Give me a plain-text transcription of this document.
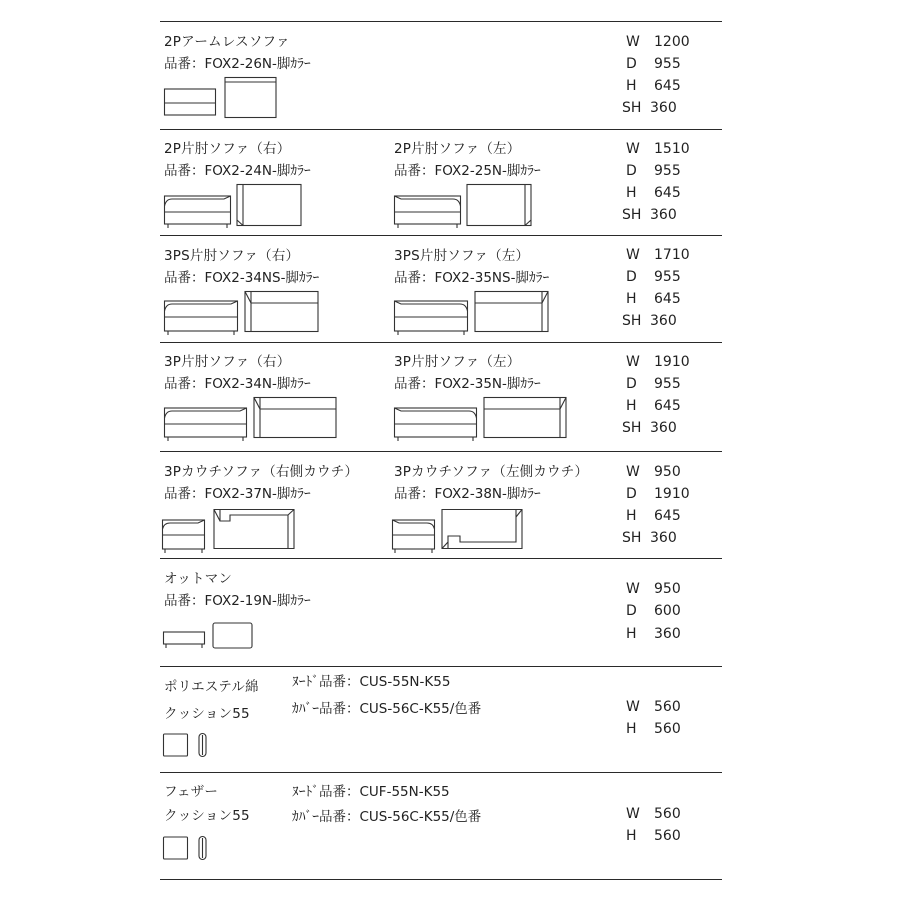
2Pアームレスソファ
品番：FOX2-26N-脚ｶﾗｰ
W 1200
D 955
H 645
SH 360
2P片肘ソファ（右）
品番：FOX2-24N-脚ｶﾗｰ
2P片肘ソファ（左）
品番：FOX2-25N-脚ｶﾗｰ
W 1510
D 955
H 645
SH 360
3PS片肘ソファ（右）
品番：FOX2-34NS-脚ｶﾗｰ
3PS片肘ソファ（左）
品番：FOX2-35NS-脚ｶﾗｰ
W 1710
D 955
H 645
SH 360
3P片肘ソファ（右）
品番：FOX2-34N-脚ｶﾗｰ
3P片肘ソファ（左）
品番：FOX2-35N-脚ｶﾗｰ
W 1910
D 955
H 645
SH 360
3Pカウチソファ（右側カウチ）
品番：FOX2-37N-脚ｶﾗｰ
3Pカウチソファ（左側カウチ）
品番：FOX2-38N-脚ｶﾗｰ
W 950
D 1910
H 645
SH 360
オットマン
品番：FOX2-19N-脚ｶﾗｰ
W 950
D 600
H 360
ポリエステル綿
クッション55
ﾇｰﾄﾞ品番：CUS-55N-K55
ｶﾊﾞｰ品番：CUS-56C-K55/色番	W 560
H 560
フェザー
クッション55
ﾇｰﾄﾞ品番：CUF-55N-K55
ｶﾊﾞｰ品番：CUS-56C-K55/色番	W 560
H 560
